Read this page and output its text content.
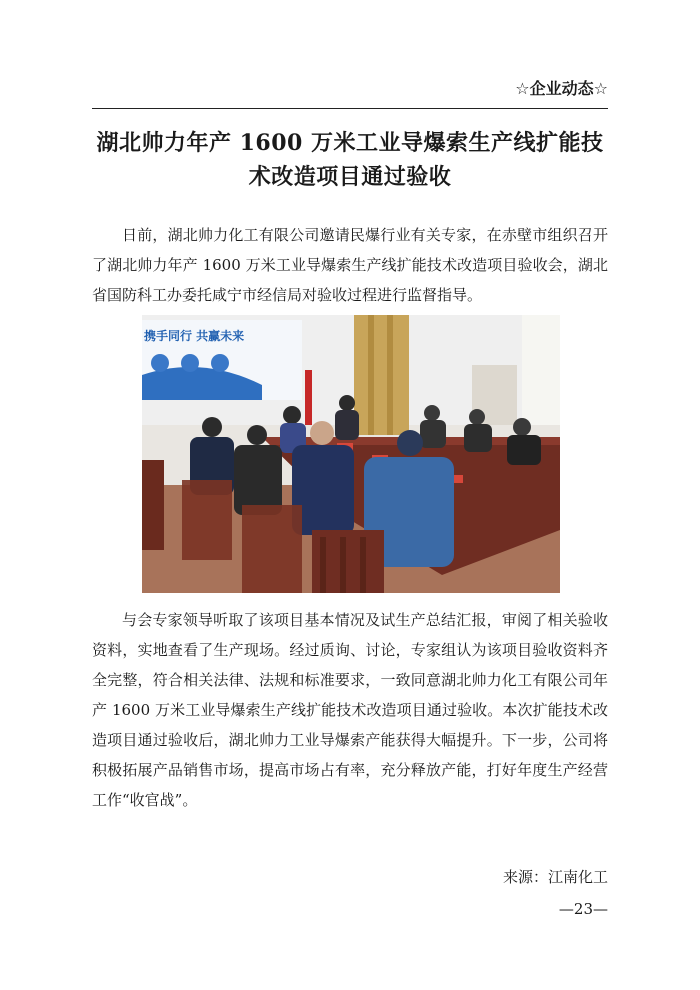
☆企业动态☆
湖北帅力年产 1600 万米工业导爆索生产线扩能技术改造项目通过验收

日前，湖北帅力化工有限公司邀请民爆行业有关专家，在赤壁市组织召开了湖北帅力年产 1600 万米工业导爆索生产线扩能技术改造项目验收会，湖北省国防科工办委托咸宁市经信局对验收过程进行监督指导。

携手同行 共赢未来

与会专家领导听取了该项目基本情况及试生产总结汇报，审阅了相关验收资料，实地查看了生产现场。经过质询、讨论，专家组认为该项目验收资料齐全完整，符合相关法律、法规和标准要求，一致同意湖北帅力化工有限公司年产 1600 万米工业导爆索生产线扩能技术改造项目通过验收。本次扩能技术改造项目通过验收后，湖北帅力工业导爆索产能获得大幅提升。下一步，公司将积极拓展产品销售市场，提高市场占有率，充分释放产能，打好年度生产经营工作“收官战”。

来源：江南化工
—23—
